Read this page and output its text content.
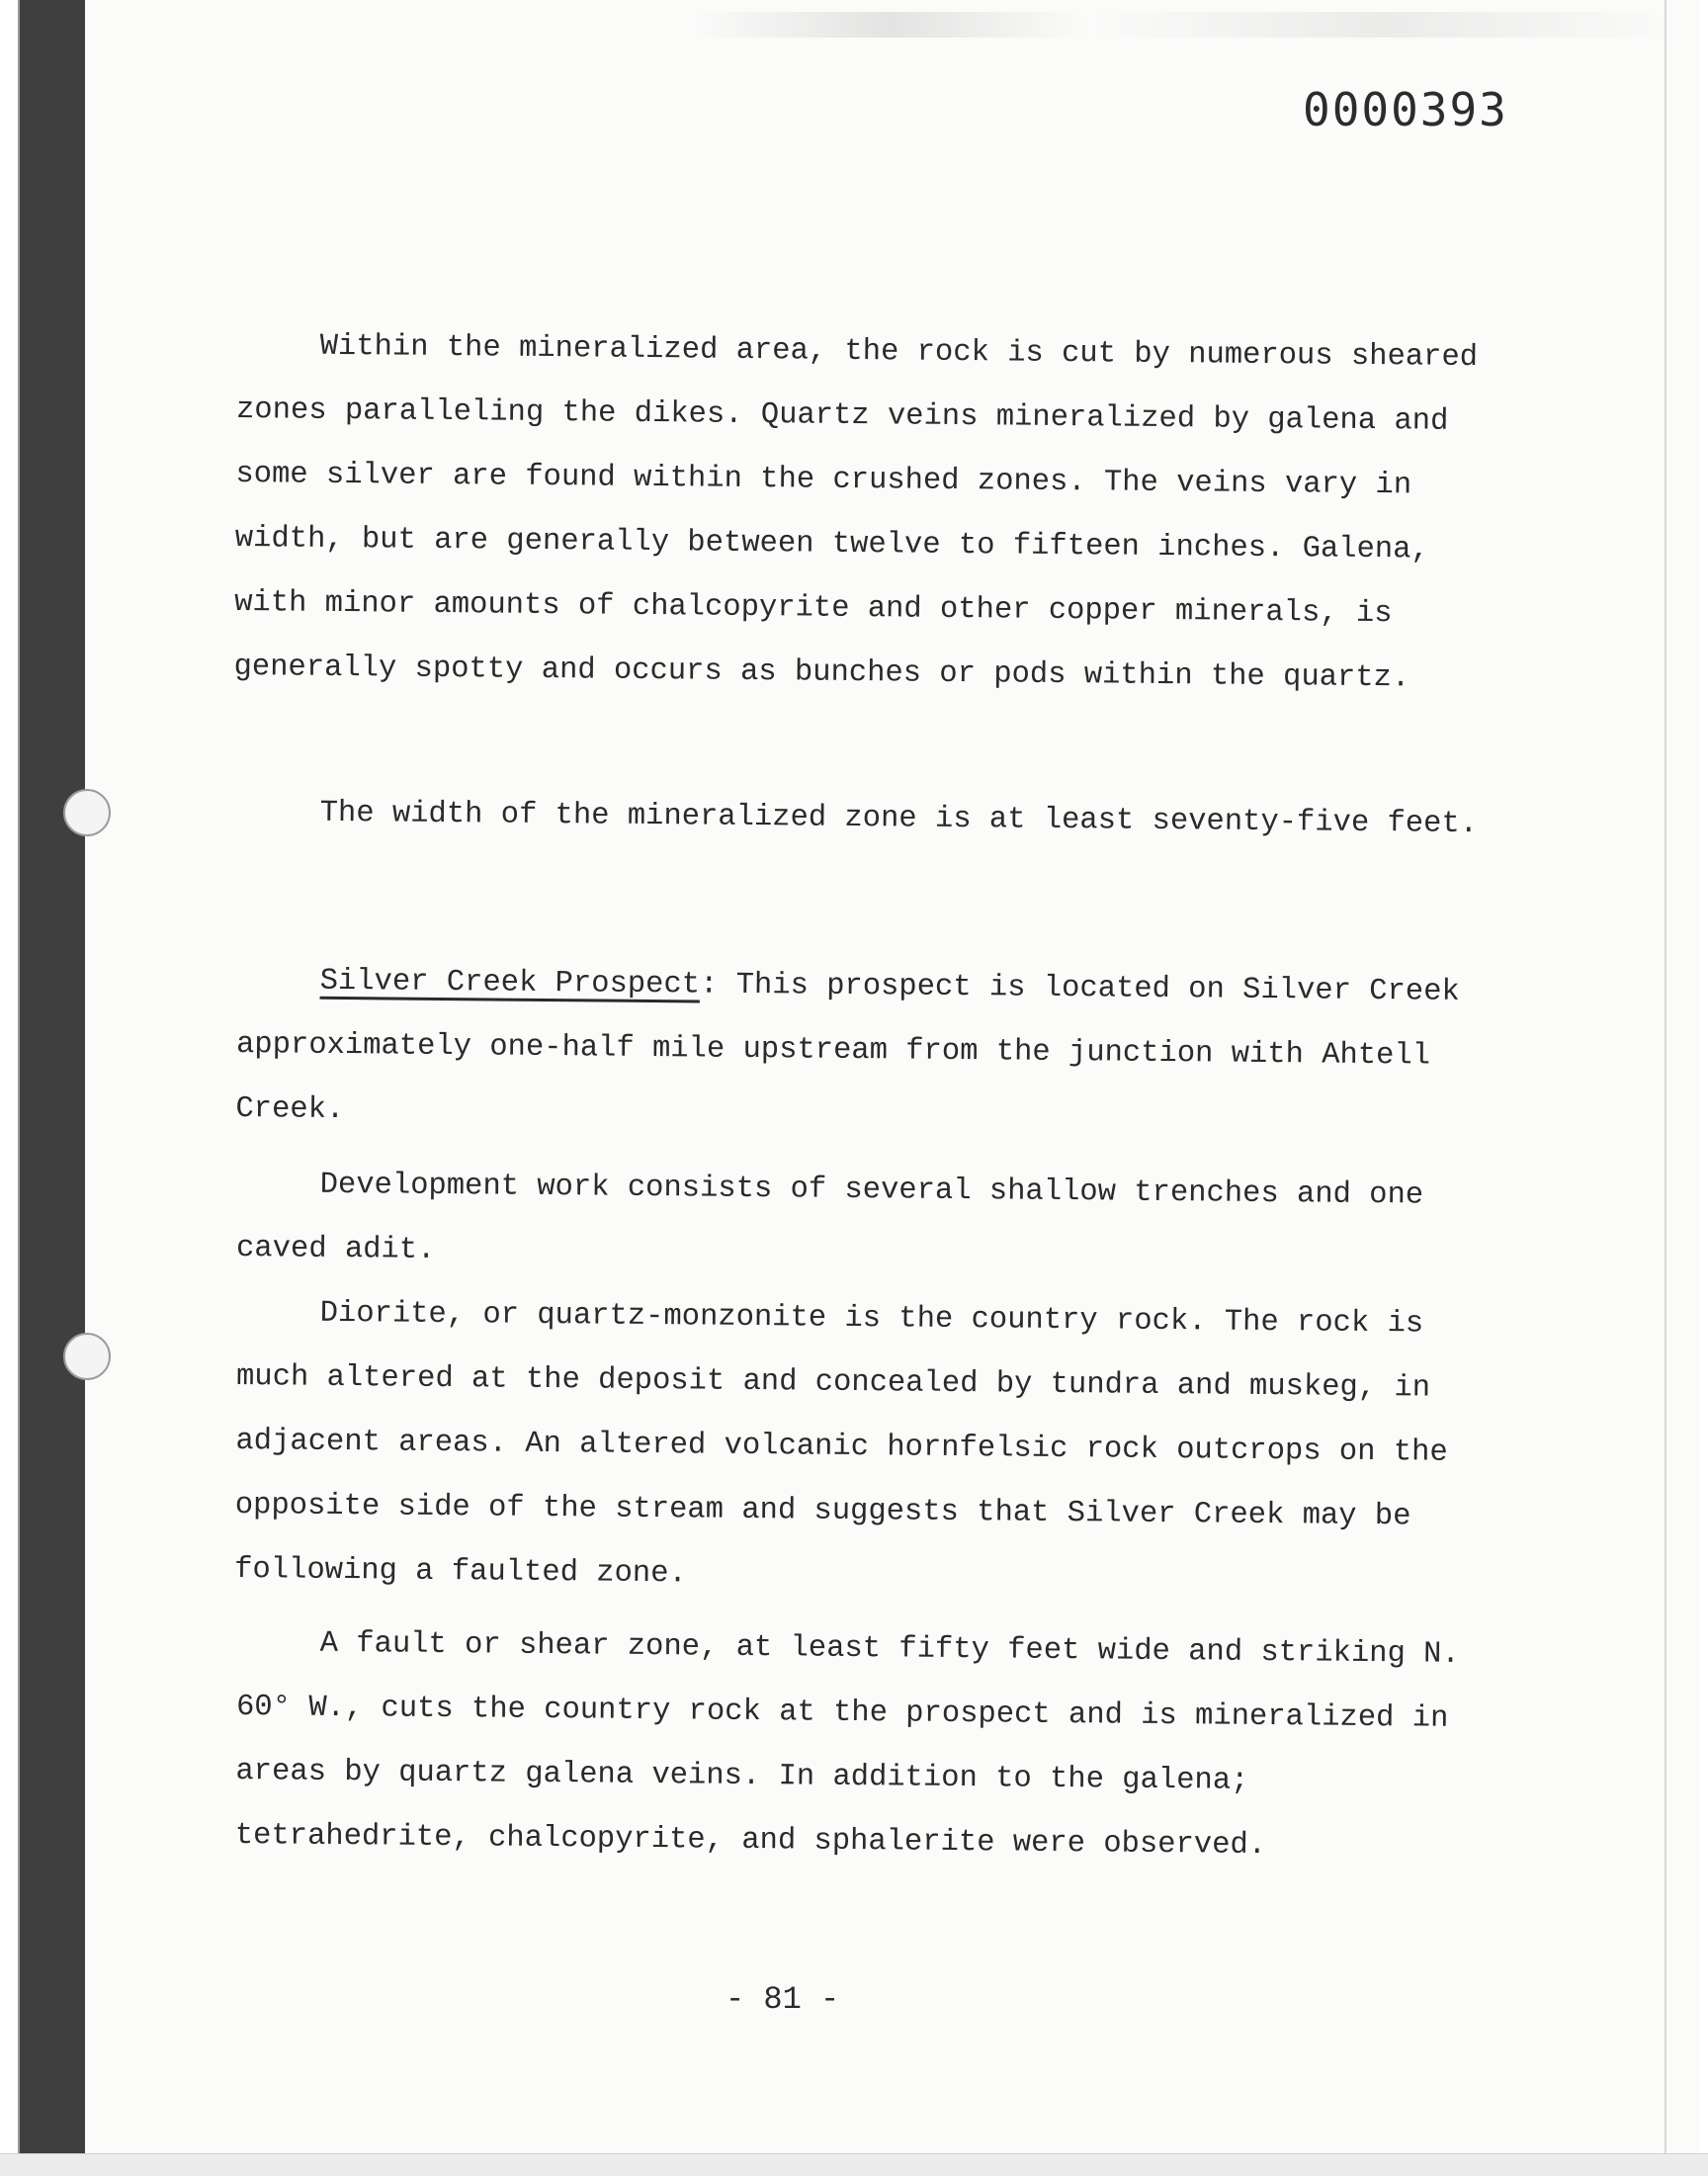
0000393

Within the mineralized area, the rock is cut by numerous sheared zones paralleling the dikes. Quartz veins mineralized by galena and some silver are found within the crushed zones. The veins vary in width, but are generally between twelve to fifteen inches. Galena, with minor amounts of chalcopyrite and other copper minerals, is generally spotty and occurs as bunches or pods within the quartz.

The width of the mineralized zone is at least seventy-five feet.

Silver Creek Prospect: This prospect is located on Silver Creek approximately one-half mile upstream from the junction with Ahtell Creek.

Development work consists of several shallow trenches and one caved adit.

Diorite, or quartz-monzonite is the country rock. The rock is much altered at the deposit and concealed by tundra and muskeg, in adjacent areas. An altered volcanic hornfelsic rock outcrops on the opposite side of the stream and suggests that Silver Creek may be following a faulted zone.

A fault or shear zone, at least fifty feet wide and striking N. 60° W., cuts the country rock at the prospect and is mineralized in areas by quartz galena veins. In addition to the galena; tetrahedrite, chalcopyrite, and sphalerite were observed.

- 81 -
